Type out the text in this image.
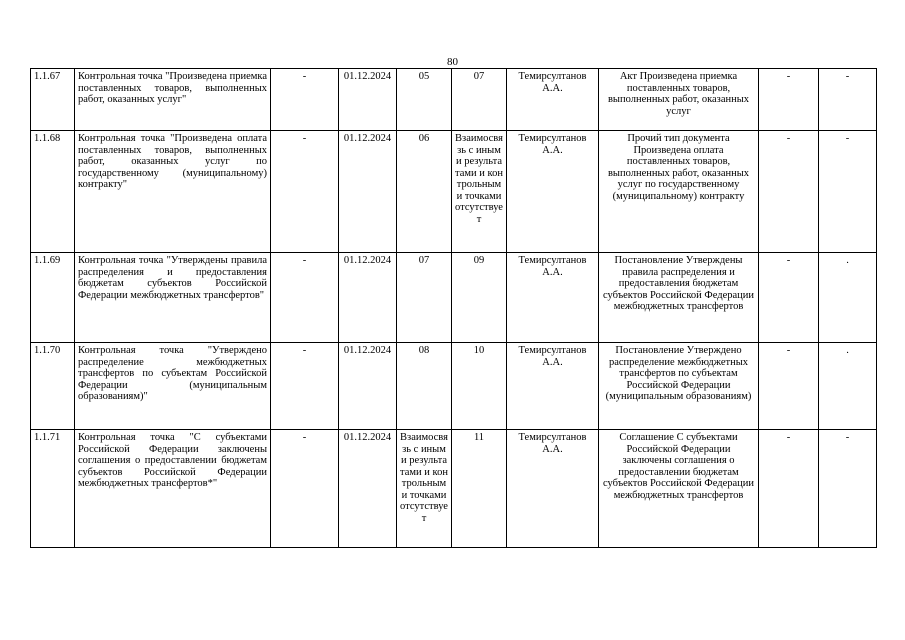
80
1.1.67	Контрольная точка "Произведена приемка поставленных товаров, выполненных работ, оказанных услуг"	-	01.12.2024	05	07	Темирсултанов А.А.	Акт Произведена приемка поставленных товаров, выполненных работ, оказанных услуг	-	-
1.1.68	Контрольная точка "Произведена оплата поставленных товаров, выполненных работ, оказанных услуг по государственному (муниципальному) контракту"	-	01.12.2024	06	Взаимосвязь с иными результатами и контрольными точками отсутствует	Темирсултанов А.А.	Прочий тип документа Произведена оплата поставленных товаров, выполненных работ, оказанных услуг по государственному (муниципальному) контракту	-	-
1.1.69	Контрольная точка "Утверждены правила распределения и предоставления бюджетам субъектов Российской Федерации межбюджетных трансфертов"	-	01.12.2024	07	09	Темирсултанов А.А.	Постановление Утверждены правила распределения и предоставления бюджетам субъектов Российской Федерации межбюджетных трансфертов	-	.
1.1.70	Контрольная точка "Утверждено распределение межбюджетных трансфертов по субъектам Российской Федерации (муниципальным образованиям)"	-	01.12.2024	08	10	Темирсултанов А.А.	Постановление Утверждено распределение межбюджетных трансфертов по субъектам Российской Федерации (муниципальным образованиям)	-	.
1.1.71	Контрольная точка "С субъектами Российской Федерации заключены соглашения о предоставлении бюджетам субъектов Российской Федерации межбюджетных трансфертов*"	-	01.12.2024	Взаимосвязь с иными результатами и контрольными точками отсутствует	11	Темирсултанов А.А.	Соглашение С субъектами Российской Федерации заключены соглашения о предоставлении бюджетам субъектов Российской Федерации межбюджетных трансфертов	-	-
